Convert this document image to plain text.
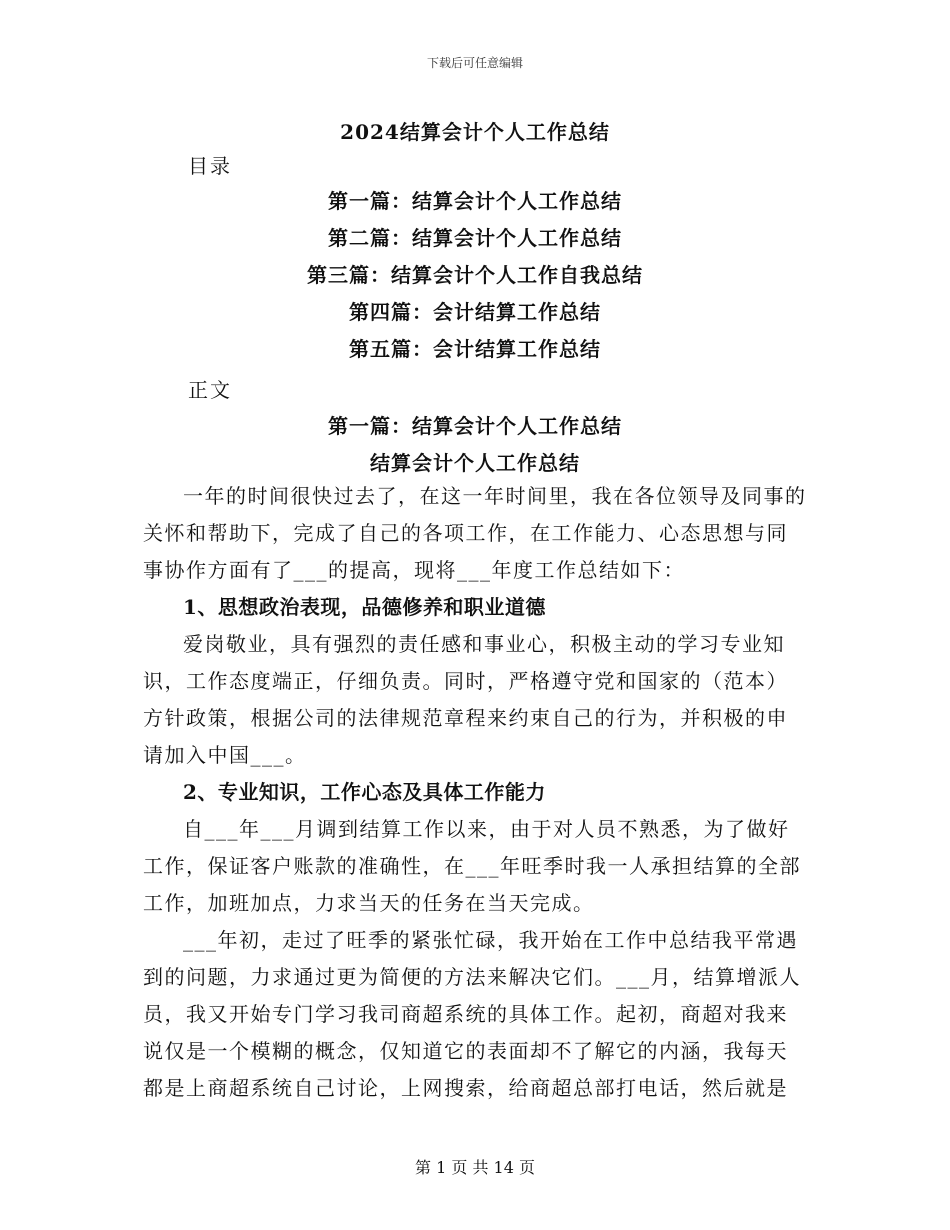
下载后可任意编辑
2024结算会计个人工作总结
目录
第一篇：结算会计个人工作总结
第二篇：结算会计个人工作总结
第三篇：结算会计个人工作自我总结
第四篇：会计结算工作总结
第五篇：会计结算工作总结
正文
第一篇：结算会计个人工作总结
结算会计个人工作总结

一年的时间很快过去了，在这一年时间里，我在各位领导及同事的关怀和帮助下，完成了自己的各项工作，在工作能力、心态思想与同事协作方面有了___的提高，现将___年度工作总结如下：

1、思想政治表现，品德修养和职业道德

爱岗敬业，具有强烈的责任感和事业心，积极主动的学习专业知识，工作态度端正，仔细负责。同时，严格遵守党和国家的（范本）方针政策，根据公司的法律规范章程来约束自己的行为，并积极的申请加入中国___。

2、专业知识，工作心态及具体工作能力

自___年___月调到结算工作以来，由于对人员不熟悉，为了做好工作，保证客户账款的准确性，在___年旺季时我一人承担结算的全部工作，加班加点，力求当天的任务在当天完成。

___年初，走过了旺季的紧张忙碌，我开始在工作中总结我平常遇到的问题，力求通过更为简便的方法来解决它们。___月，结算增派人员，我又开始专门学习我司商超系统的具体工作。起初，商超对我来说仅是一个模糊的概念，仅知道它的表面却不了解它的内涵，我每天都是上商超系统自己讨论，上网搜索，给商超总部打电话，然后就是

第 1 页 共 14 页
